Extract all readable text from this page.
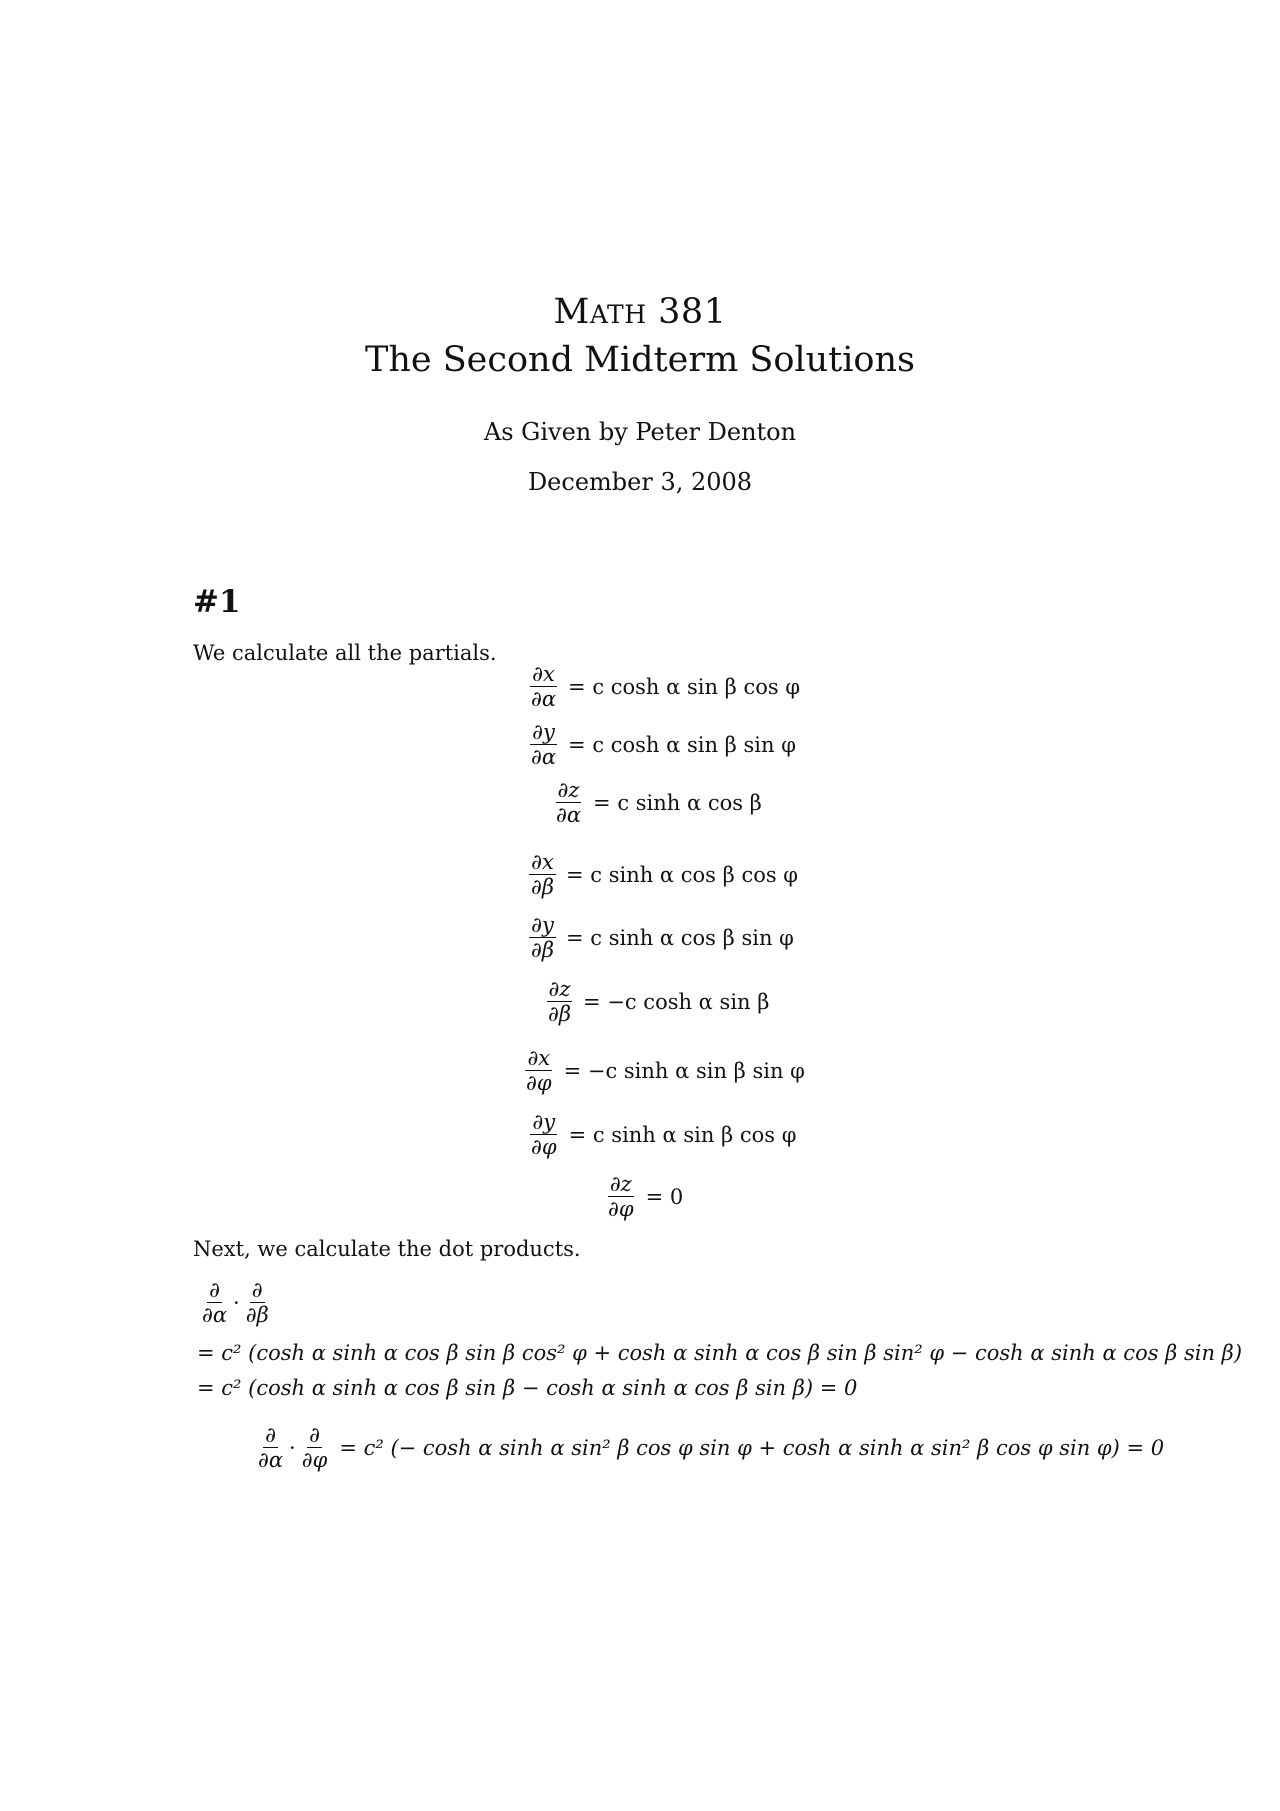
Math 381
The Second Midterm Solutions
As Given by Peter Denton
December 3, 2008
#1
We calculate all the partials.
$\frac{\partial x}{\partial\alpha} = c$ cosh α sin β cos φ
$\frac{\partial y}{\partial\alpha} = c$ cosh α sin β sin φ
$\frac{\partial z}{\partial\alpha} = c$ sinh α cos β
$\frac{\partial x}{\partial\beta} = c$ sinh α cos β cos φ
$\frac{\partial y}{\partial\beta} = c$ sinh α cos β sin φ
$\frac{\partial z}{\partial\beta} = -c$ cosh α sin β
$\frac{\partial x}{\partial\varphi} = -c$ sinh α sin β sin φ
$\frac{\partial y}{\partial\varphi} = c$ sinh α sin β cos φ
$\frac{\partial z}{\partial\varphi} = 0$
Next, we calculate the dot products.
$\frac{\partial}{\partial\alpha} \cdot \frac{\partial}{\partial\beta}$
= c² (cosh α sinh α cos β sin β cos² φ + cosh α sinh α cos β sin β sin² φ − cosh α sinh α cos β sin β)
= c² (cosh α sinh α cos β sin β − cosh α sinh α cos β sin β) = 0
$\frac{\partial}{\partial\alpha} \cdot \frac{\partial}{\partial\varphi} = c^2$ (− cosh α sinh α sin² β cos φ sin φ + cosh α sinh α sin² β cos φ sin φ) = 0
